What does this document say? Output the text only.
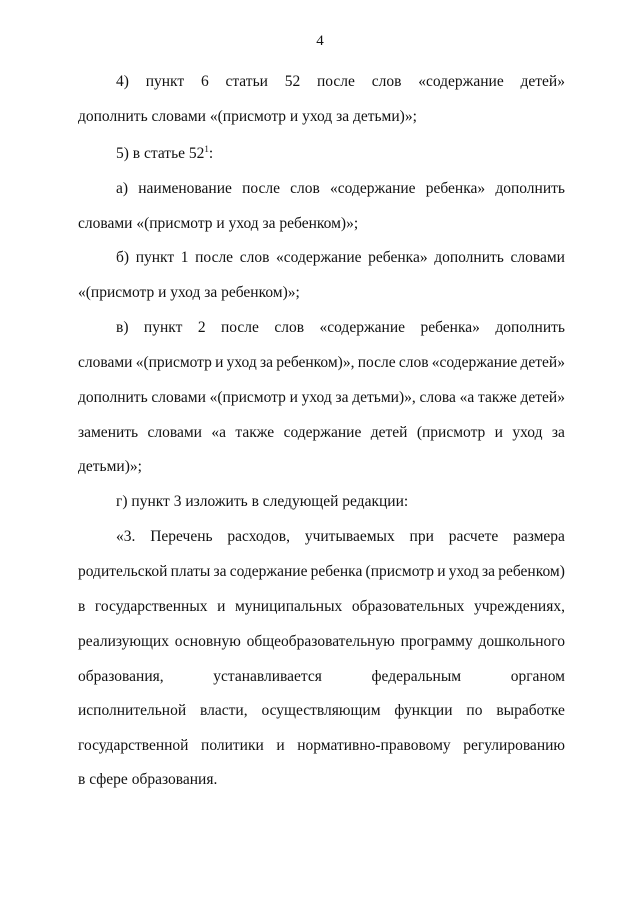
4
4) пункт 6 статьи 52 после слов «содержание детей»
дополнить словами «(присмотр и уход за детьми)»;
5) в статье $52^1$:
а) наименование после слов «содержание ребенка» дополнить
словами «(присмотр и уход за ребенком)»;
б) пункт 1 после слов «содержание ребенка» дополнить словами
«(присмотр и уход за ребенком)»;
в) пункт 2 после слов «содержание ребенка» дополнить
словами «(присмотр и уход за ребенком)», после слов «содержание детей»
дополнить словами «(присмотр и уход за детьми)», слова «а также детей»
заменить словами «а также содержание детей (присмотр и уход за
детьми)»;
г) пункт 3 изложить в следующей редакции:
«3. Перечень расходов, учитываемых при расчете размера
родительской платы за содержание ребенка (присмотр и уход за ребенком)
в государственных и муниципальных образовательных учреждениях,
реализующих основную общеобразовательную программу дошкольного
образования,	устанавливается	федеральным	органом
исполнительной власти, осуществляющим функции по выработке
государственной политики и нормативно-правовому регулированию
в сфере образования.
